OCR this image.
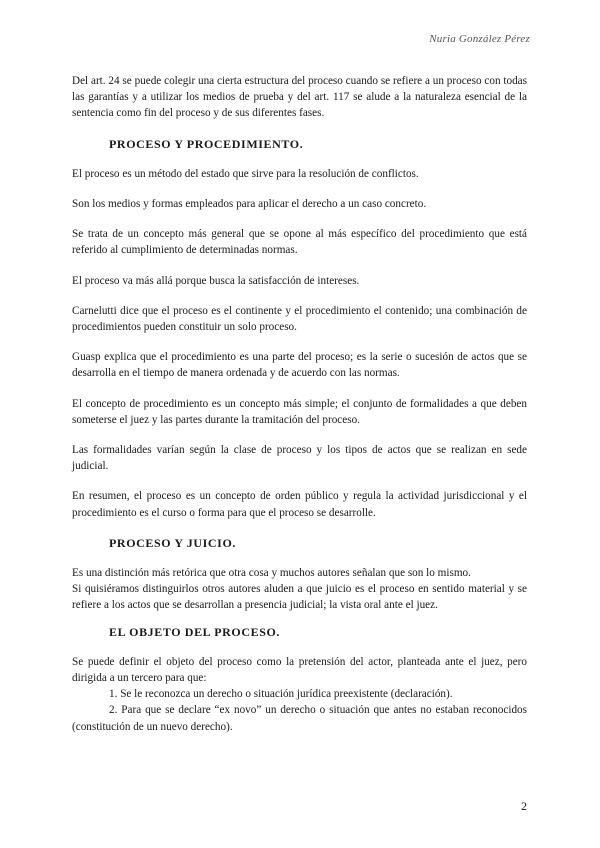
Nuria González Pérez

Del art. 24 se puede colegir una cierta estructura del proceso cuando se refiere a un proceso con todas las garantías y a utilizar los medios de prueba y del art. 117 se alude a la naturaleza esencial de la sentencia como fin del proceso y de sus diferentes fases.

PROCESO Y PROCEDIMIENTO.

El proceso es un método del estado que sirve para la resolución de conflictos.

Son los medios y formas empleados para aplicar el derecho a un caso concreto.

Se trata de un concepto más general que se opone al más específico del procedimiento que está referido al cumplimiento de determinadas normas.

El proceso va más allá porque busca la satisfacción de intereses.

Carnelutti dice que el proceso es el continente y el procedimiento el contenido; una combinación de procedimientos pueden constituir un solo proceso.

Guasp explica que el procedimiento es una parte del proceso; es la serie o sucesión de actos que se desarrolla en el tiempo de manera ordenada y de acuerdo con las normas.

El concepto de procedimiento es un concepto más simple; el conjunto de formalidades a que deben someterse el juez y las partes durante la tramitación del proceso.

Las formalidades varían según la clase de proceso y los tipos de actos que se realizan en sede judicial.

En resumen, el proceso es un concepto de orden público y regula la actividad jurisdiccional y el procedimiento es el curso o forma para que el proceso se desarrolle.

PROCESO Y JUICIO.

Es una distinción más retórica que otra cosa y muchos autores señalan que son lo mismo.

Si quisiéramos distinguirlos otros autores aluden a que juicio es el proceso en sentido material y se refiere a los actos que se desarrollan a presencia judicial; la vista oral ante el juez.

EL OBJETO DEL PROCESO.

Se puede definir el objeto del proceso como la pretensión del actor, planteada ante el juez, pero dirigida a un tercero para que:

1. Se le reconozca un derecho o situación jurídica preexistente (declaración).

2. Para que se declare “ex novo” un derecho o situación que antes no estaban reconocidos (constitución de un nuevo derecho).

2
